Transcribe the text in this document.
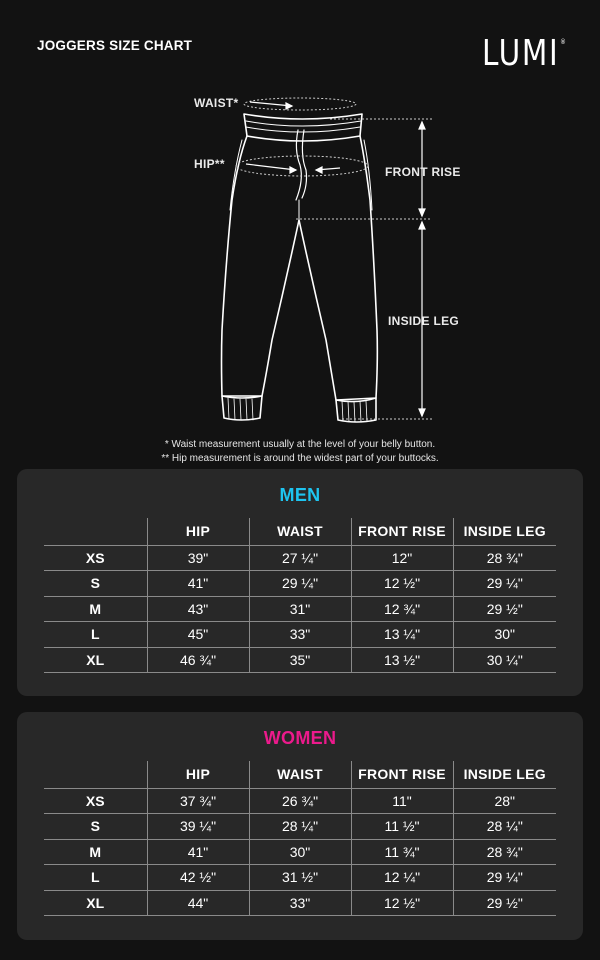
JOGGERS SIZE CHART	LUMI ®
WAIST*
HIP**
FRONT RISE
INSIDE LEG
* Waist measurement usually at the level of your belly button.
** Hip measurement is around the widest part of your buttocks.
MEN
	HIP	WAIST	FRONT RISE	INSIDE LEG
XS	39"	27 ¼"	12"	28 ¾"
S	41"	29 ¼"	12 ½"	29 ¼"
M	43"	31"	12 ¾"	29 ½"
L	45"	33"	13 ¼"	30"
XL	46 ¾"	35"	13 ½"	30 ¼"
WOMEN
	HIP	WAIST	FRONT RISE	INSIDE LEG
XS	37 ¾"	26 ¾"	11"	28"
S	39 ¼"	28 ¼"	11 ½"	28 ¼"
M	41"	30"	11 ¾"	28 ¾"
L	42 ½"	31 ½"	12 ¼"	29 ¼"
XL	44"	33"	12 ½"	29 ½"
